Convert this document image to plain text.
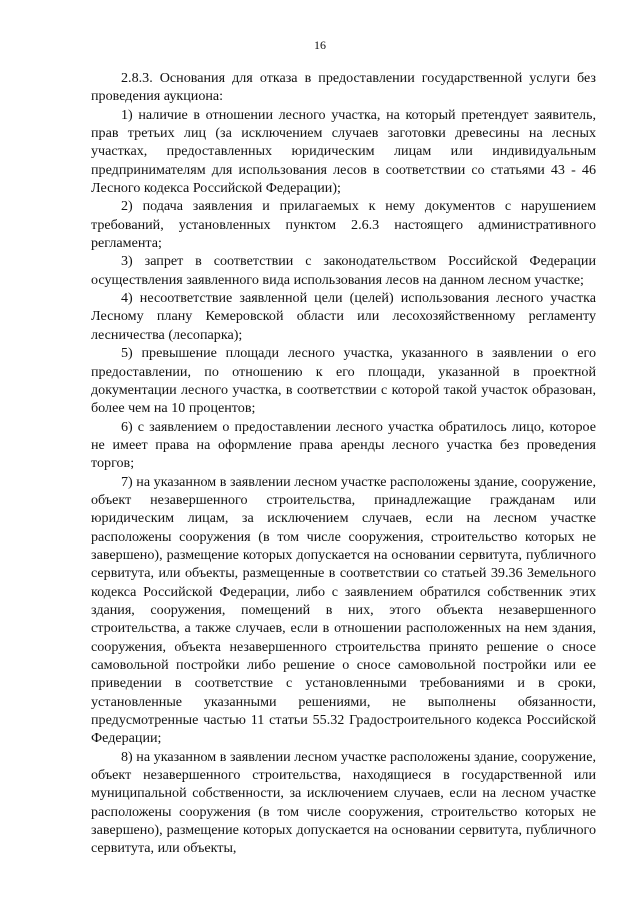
16

2.8.3. Основания для отказа в предоставлении государственной услуги без проведения аукциона:

1) наличие в отношении лесного участка, на который претендует заявитель, прав третьих лиц (за исключением случаев заготовки древесины на лесных участках, предоставленных юридическим лицам или индивидуальным предпринимателям для использования лесов в соответствии со статьями 43 - 46 Лесного кодекса Российской Федерации);

2) подача заявления и прилагаемых к нему документов с нарушением требований, установленных пунктом 2.6.3 настоящего административного регламента;

3) запрет в соответствии с законодательством Российской Федерации осуществления заявленного вида использования лесов на данном лесном участке;

4) несоответствие заявленной цели (целей) использования лесного участка Лесному плану Кемеровской области или лесохозяйственному регламенту лесничества (лесопарка);

5) превышение площади лесного участка, указанного в заявлении о его предоставлении, по отношению к его площади, указанной в проектной документации лесного участка, в соответствии с которой такой участок образован, более чем на 10 процентов;

6) с заявлением о предоставлении лесного участка обратилось лицо, которое не имеет права на оформление права аренды лесного участка без проведения торгов;

7) на указанном в заявлении лесном участке расположены здание, сооружение, объект незавершенного строительства, принадлежащие гражданам или юридическим лицам, за исключением случаев, если на лесном участке расположены сооружения (в том числе сооружения, строительство которых не завершено), размещение которых допускается на основании сервитута, публичного сервитута, или объекты, размещенные в соответствии со статьей 39.36 Земельного кодекса Российской Федерации, либо с заявлением обратился собственник этих здания, сооружения, помещений в них, этого объекта незавершенного строительства, а также случаев, если в отношении расположенных на нем здания, сооружения, объекта незавершенного строительства принято решение о сносе самовольной постройки либо решение о сносе самовольной постройки или ее приведении в соответствие с установленными требованиями и в сроки, установленные указанными решениями, не выполнены обязанности, предусмотренные частью 11 статьи 55.32 Градостроительного кодекса Российской Федерации;

8) на указанном в заявлении лесном участке расположены здание, сооружение, объект незавершенного строительства, находящиеся в государственной или муниципальной собственности, за исключением случаев, если на лесном участке расположены сооружения (в том числе сооружения, строительство которых не завершено), размещение которых допускается на основании сервитута, публичного сервитута, или объекты,
